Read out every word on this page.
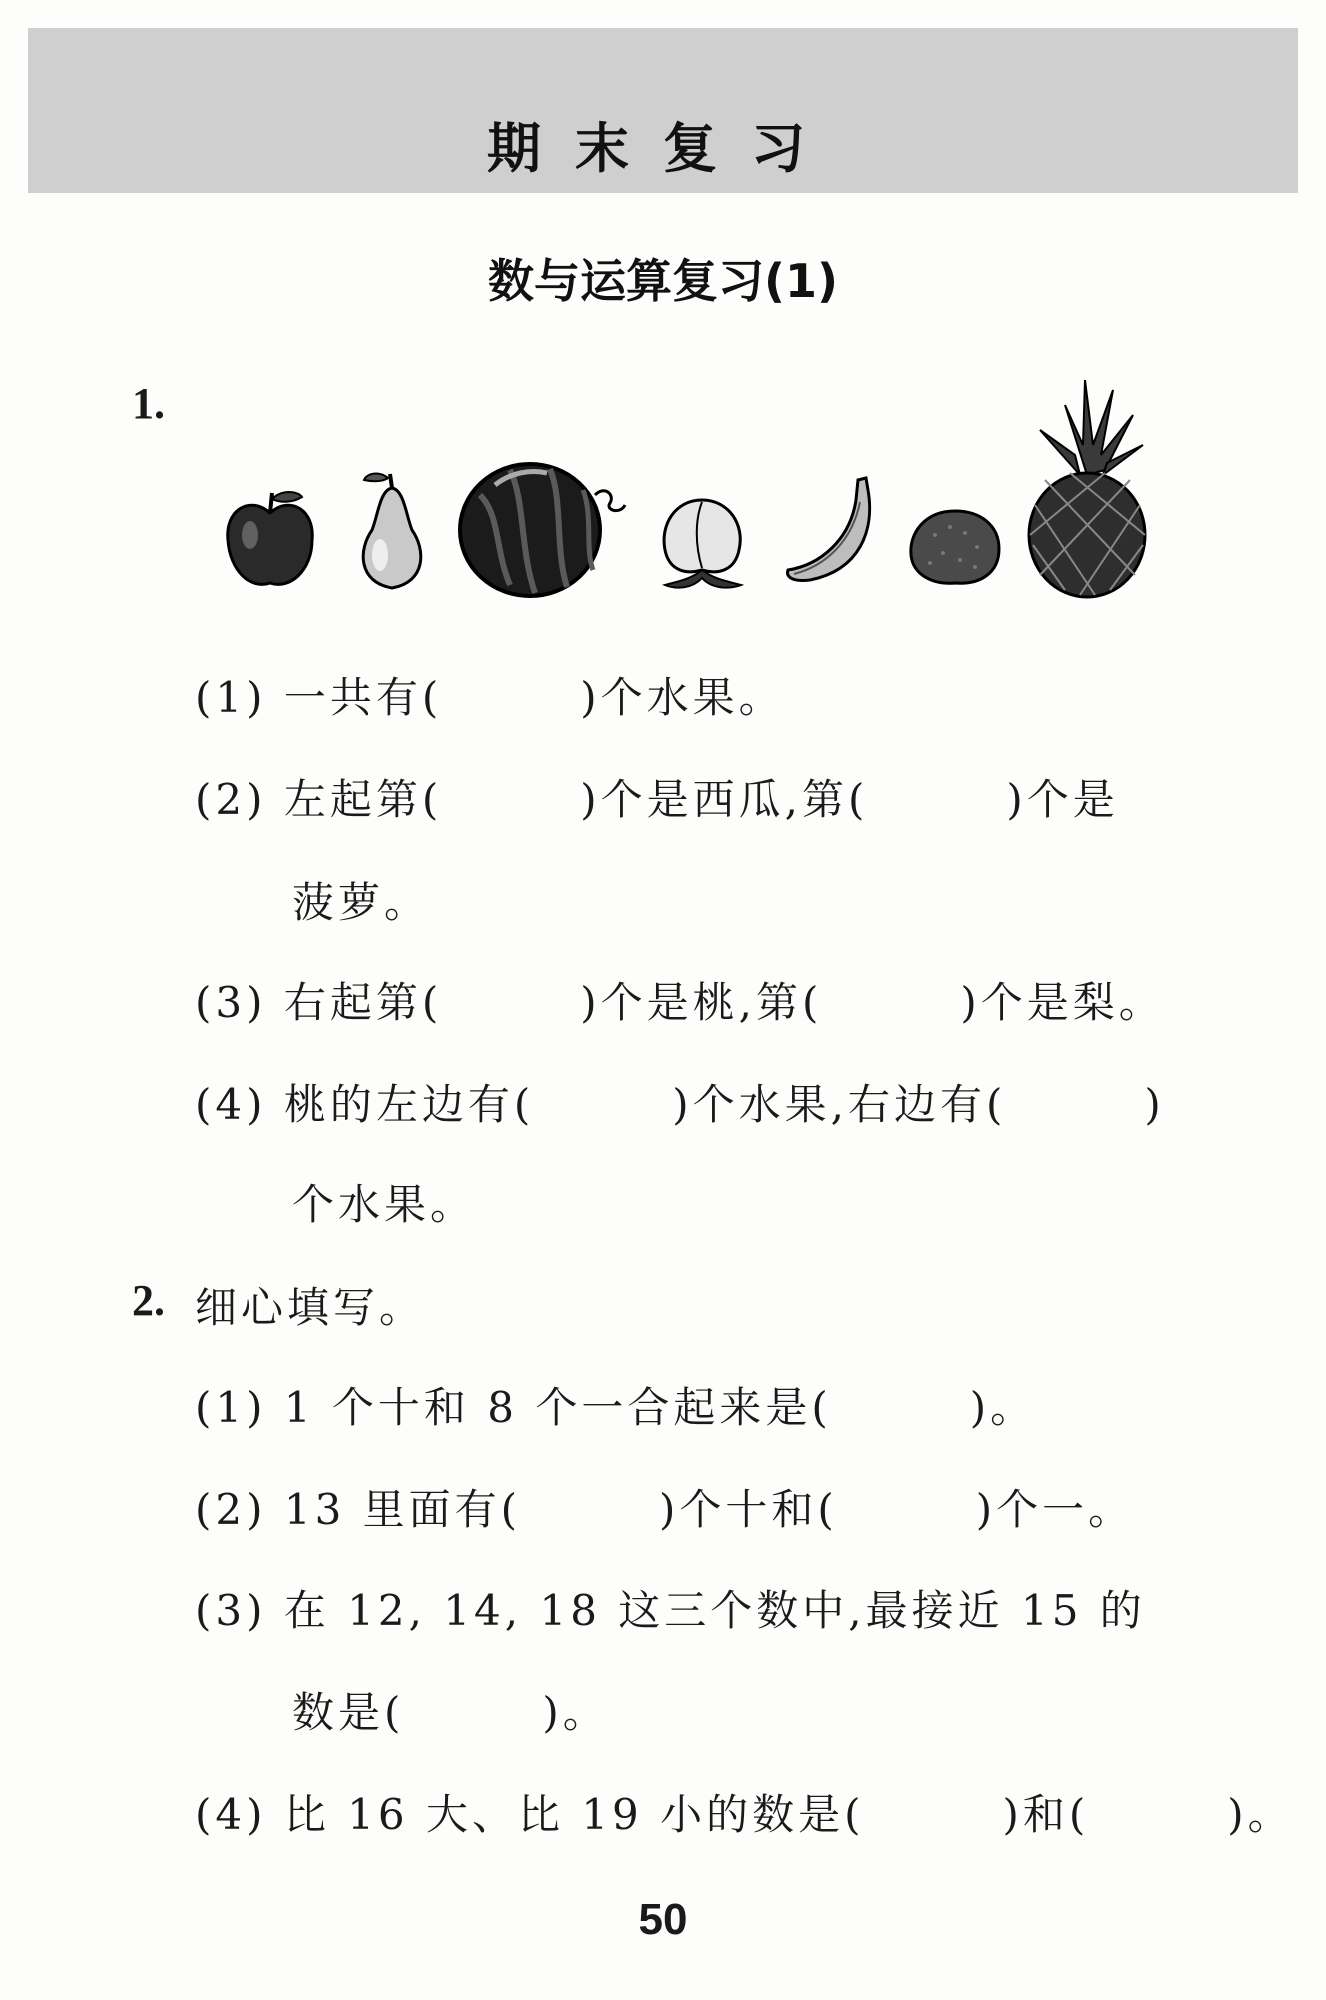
期末复习
数与运算复习(1)
1.
(1) 一共有(　　　)个水果。
(2) 左起第(　　　)个是西瓜,第(　　　)个是
菠萝。
(3) 右起第(　　　)个是桃,第(　　　)个是梨。
(4) 桃的左边有(　　　)个水果,右边有(　　　)
个水果。
2. 细心填写。
(1) 1 个十和 8 个一合起来是(　　　)。
(2) 13 里面有(　　　)个十和(　　　)个一。
(3) 在 12, 14, 18 这三个数中,最接近 15 的
数是(　　　)。
(4) 比 16 大、比 19 小的数是(　　　)和(　　　)。
50
